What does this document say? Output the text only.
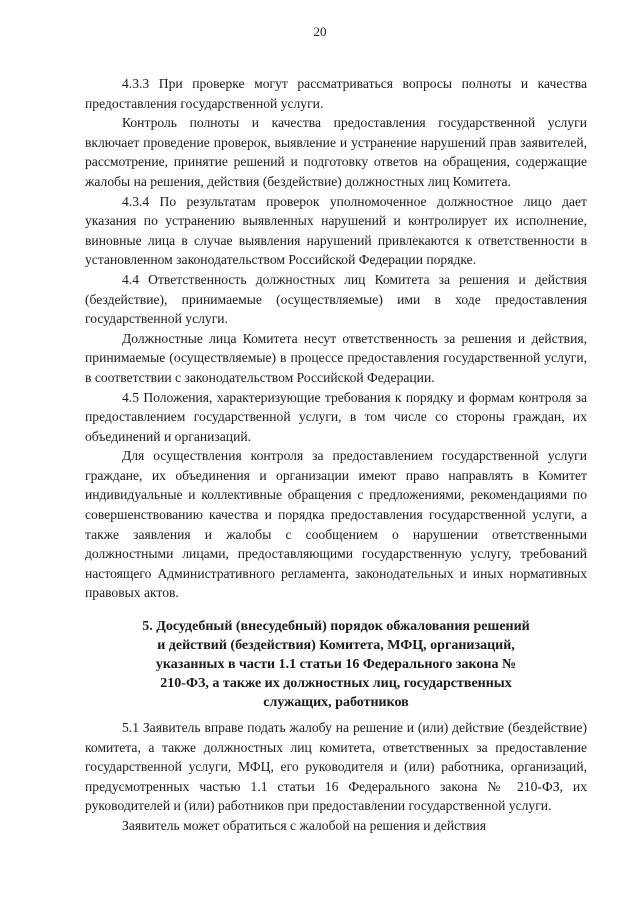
20

4.3.3 При проверке могут рассматриваться вопросы полноты и качества предоставления государственной услуги.

Контроль полноты и качества предоставления государственной услуги включает проведение проверок, выявление и устранение нарушений прав заявителей, рассмотрение, принятие решений и подготовку ответов на обращения, содержащие жалобы на решения, действия (бездействие) должностных лиц Комитета.

4.3.4 По результатам проверок уполномоченное должностное лицо дает указания по устранению выявленных нарушений и контролирует их исполнение, виновные лица в случае выявления нарушений привлекаются к ответственности в установленном законодательством Российской Федерации порядке.

4.4 Ответственность должностных лиц Комитета за решения и действия (бездействие), принимаемые (осуществляемые) ими в ходе предоставления государственной услуги.

Должностные лица Комитета несут ответственность за решения и действия, принимаемые (осуществляемые) в процессе предоставления государственной услуги, в соответствии с законодательством Российской Федерации.

4.5 Положения, характеризующие требования к порядку и формам контроля за предоставлением государственной услуги, в том числе со стороны граждан, их объединений и организаций.

Для осуществления контроля за предоставлением государственной услуги граждане, их объединения и организации имеют право направлять в Комитет индивидуальные и коллективные обращения с предложениями, рекомендациями по совершенствованию качества и порядка предоставления государственной услуги, а также заявления и жалобы с сообщением о нарушении ответственными должностными лицами, предоставляющими государственную услугу, требований настоящего Административного регламента, законодательных и иных нормативных правовых актов.

5. Досудебный (внесудебный) порядок обжалования решений
и действий (бездействия) Комитета, МФЦ, организаций,
указанных в части 1.1 статьи 16 Федерального закона №
210-ФЗ, а также их должностных лиц, государственных
служащих, работников

5.1 Заявитель вправе подать жалобу на решение и (или) действие (бездействие) комитета, а также должностных лиц комитета, ответственных за предоставление государственной услуги, МФЦ, его руководителя и (или) работника, организаций, предусмотренных частью 1.1 статьи 16 Федерального закона № 210-ФЗ, их руководителей и (или) работников при предоставлении государственной услуги.

Заявитель может обратиться с жалобой на решения и действия
